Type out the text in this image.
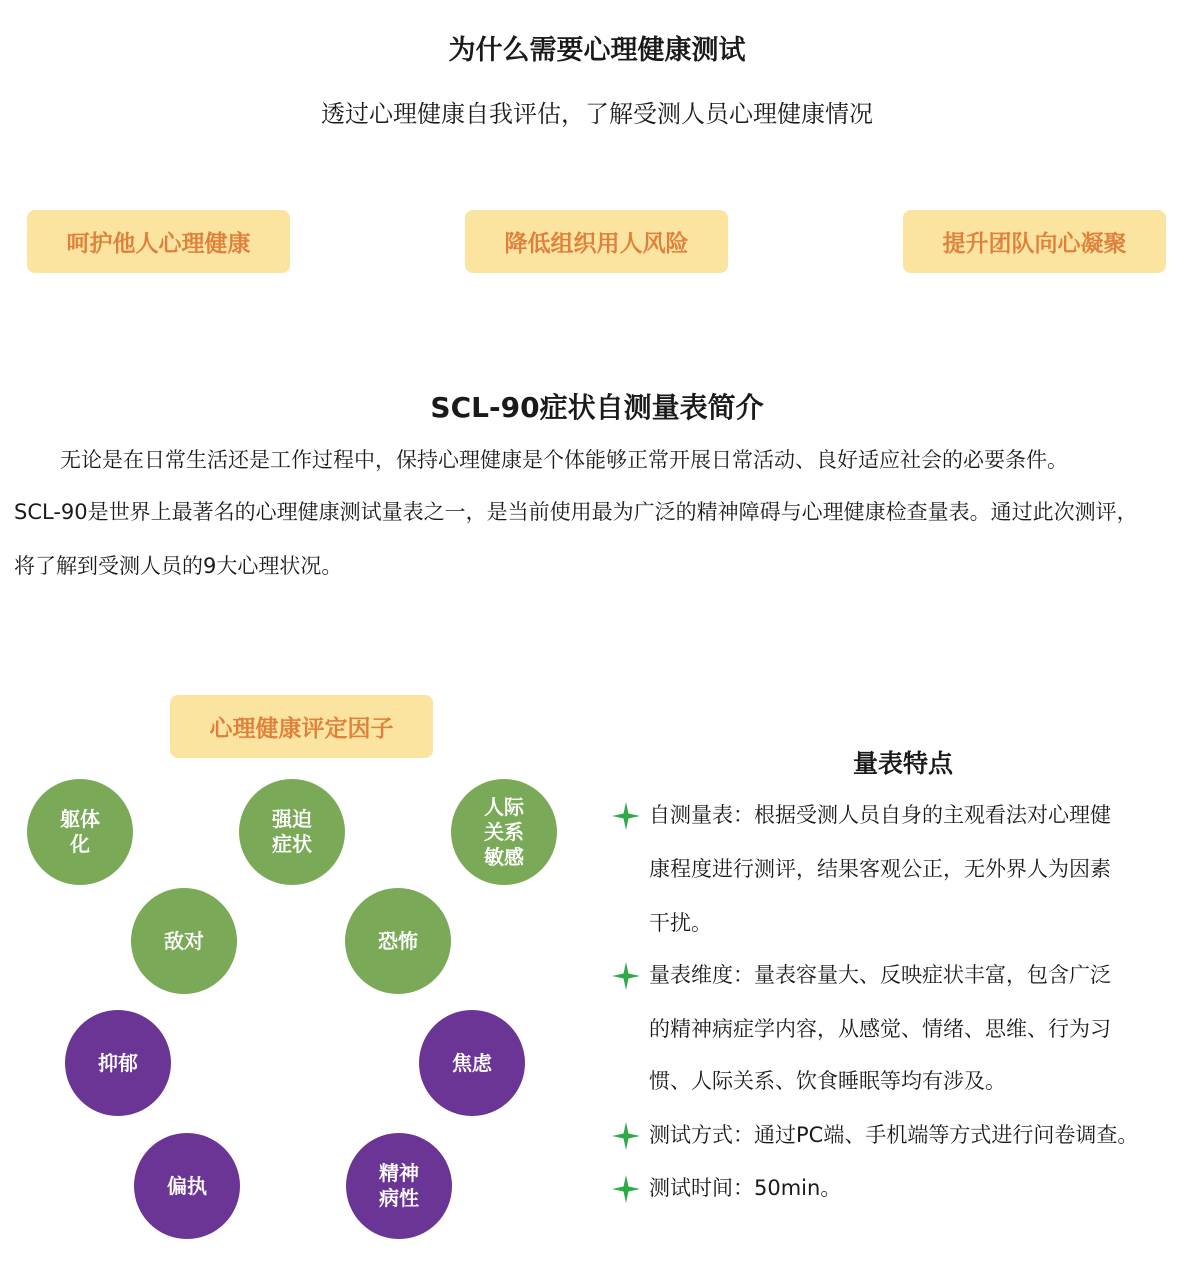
为什么需要心理健康测试
透过心理健康自我评估，了解受测人员心理健康情况
呵护他人心理健康	降低组织用人风险	提升团队向心凝聚
SCL-90症状自测量表简介
无论是在日常生活还是工作过程中，保持心理健康是个体能够正常开展日常活动、良好适应社会的必要条件。
SCL-90是世界上最著名的心理健康测试量表之一，是当前使用最为广泛的精神障碍与心理健康检查量表。通过此次测评，
将了解到受测人员的9大心理状况。
心理健康评定因子
躯体
化
强迫
症状
人际
关系
敏感
敌对	恐怖
抑郁	焦虑
偏执
精神
病性
量表特点
自测量表：根据受测人员自身的主观看法对心理健
康程度进行测评，结果客观公正，无外界人为因素
干扰。
量表维度：量表容量大、反映症状丰富，包含广泛
的精神病症学内容，从感觉、情绪、思维、行为习
惯、人际关系、饮食睡眠等均有涉及。
测试方式：通过PC端、手机端等方式进行问卷调查。
测试时间：50min。
